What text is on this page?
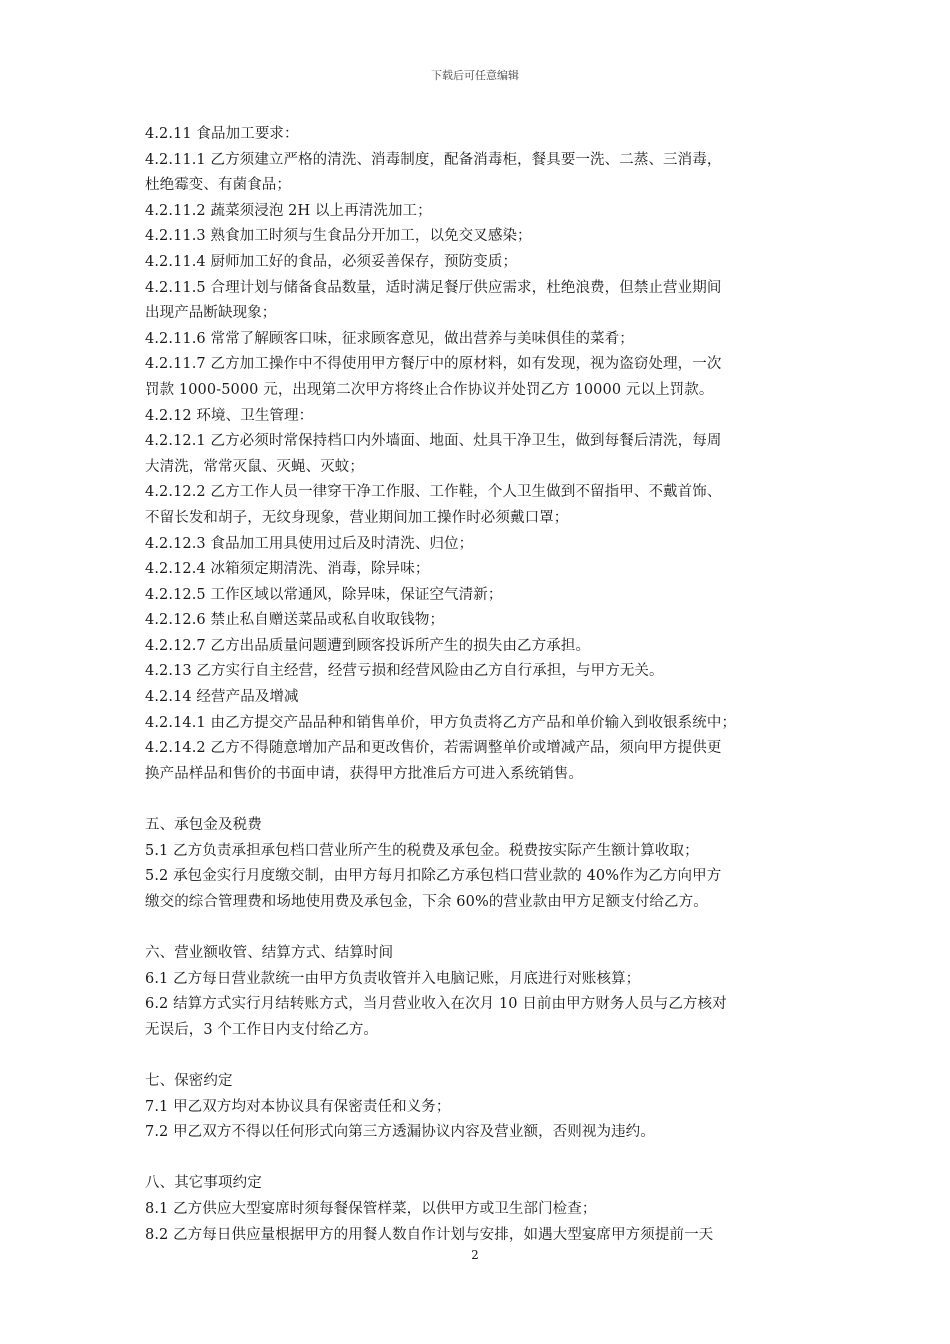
下载后可任意编辑
4.2.11 食品加工要求：
4.2.11.1 乙方须建立严格的清洗、消毒制度，配备消毒柜，餐具要一洗、二蒸、三消毒，
杜绝霉变、有菌食品；
4.2.11.2 蔬菜须浸泡 2H 以上再清洗加工；
4.2.11.3 熟食加工时须与生食品分开加工，以免交叉感染；
4.2.11.4 厨师加工好的食品，必须妥善保存，预防变质；
4.2.11.5 合理计划与储备食品数量，适时满足餐厅供应需求，杜绝浪费，但禁止营业期间
出现产品断缺现象；
4.2.11.6 常常了解顾客口味，征求顾客意见，做出营养与美味俱佳的菜肴；
4.2.11.7 乙方加工操作中不得使用甲方餐厅中的原材料，如有发现，视为盗窃处理，一次
罚款 1000-5000 元，出现第二次甲方将终止合作协议并处罚乙方 10000 元以上罚款。
4.2.12 环境、卫生管理：
4.2.12.1 乙方必须时常保持档口内外墙面、地面、灶具干净卫生，做到每餐后清洗，每周
大清洗，常常灭鼠、灭蝇、灭蚊；
4.2.12.2 乙方工作人员一律穿干净工作服、工作鞋，个人卫生做到不留指甲、不戴首饰、
不留长发和胡子，无纹身现象，营业期间加工操作时必须戴口罩；
4.2.12.3 食品加工用具使用过后及时清洗、归位；
4.2.12.4 冰箱须定期清洗、消毒，除异味；
4.2.12.5 工作区域以常通风，除异味，保证空气清新；
4.2.12.6 禁止私自赠送菜品或私自收取钱物；
4.2.12.7 乙方出品质量问题遭到顾客投诉所产生的损失由乙方承担。
4.2.13 乙方实行自主经营，经营亏损和经营风险由乙方自行承担，与甲方无关。
4.2.14 经营产品及增减
4.2.14.1 由乙方提交产品品种和销售单价，甲方负责将乙方产品和单价输入到收银系统中；
4.2.14.2 乙方不得随意增加产品和更改售价，若需调整单价或增减产品，须向甲方提供更
换产品样品和售价的书面申请，获得甲方批准后方可进入系统销售。
五、承包金及税费
5.1 乙方负责承担承包档口营业所产生的税费及承包金。税费按实际产生额计算收取；
5.2 承包金实行月度缴交制，由甲方每月扣除乙方承包档口营业款的 40%作为乙方向甲方
缴交的综合管理费和场地使用费及承包金，下余 60%的营业款由甲方足额支付给乙方。
六、营业额收管、结算方式、结算时间
6.1 乙方每日营业款统一由甲方负责收管并入电脑记账，月底进行对账核算；
6.2 结算方式实行月结转账方式，当月营业收入在次月 10 日前由甲方财务人员与乙方核对
无误后，3 个工作日内支付给乙方。
七、保密约定
7.1 甲乙双方均对本协议具有保密责任和义务；
7.2 甲乙双方不得以任何形式向第三方透漏协议内容及营业额，否则视为违约。
八、其它事项约定
8.1 乙方供应大型宴席时须每餐保管样菜，以供甲方或卫生部门检查；
8.2 乙方每日供应量根据甲方的用餐人数自作计划与安排，如遇大型宴席甲方须提前一天
2
